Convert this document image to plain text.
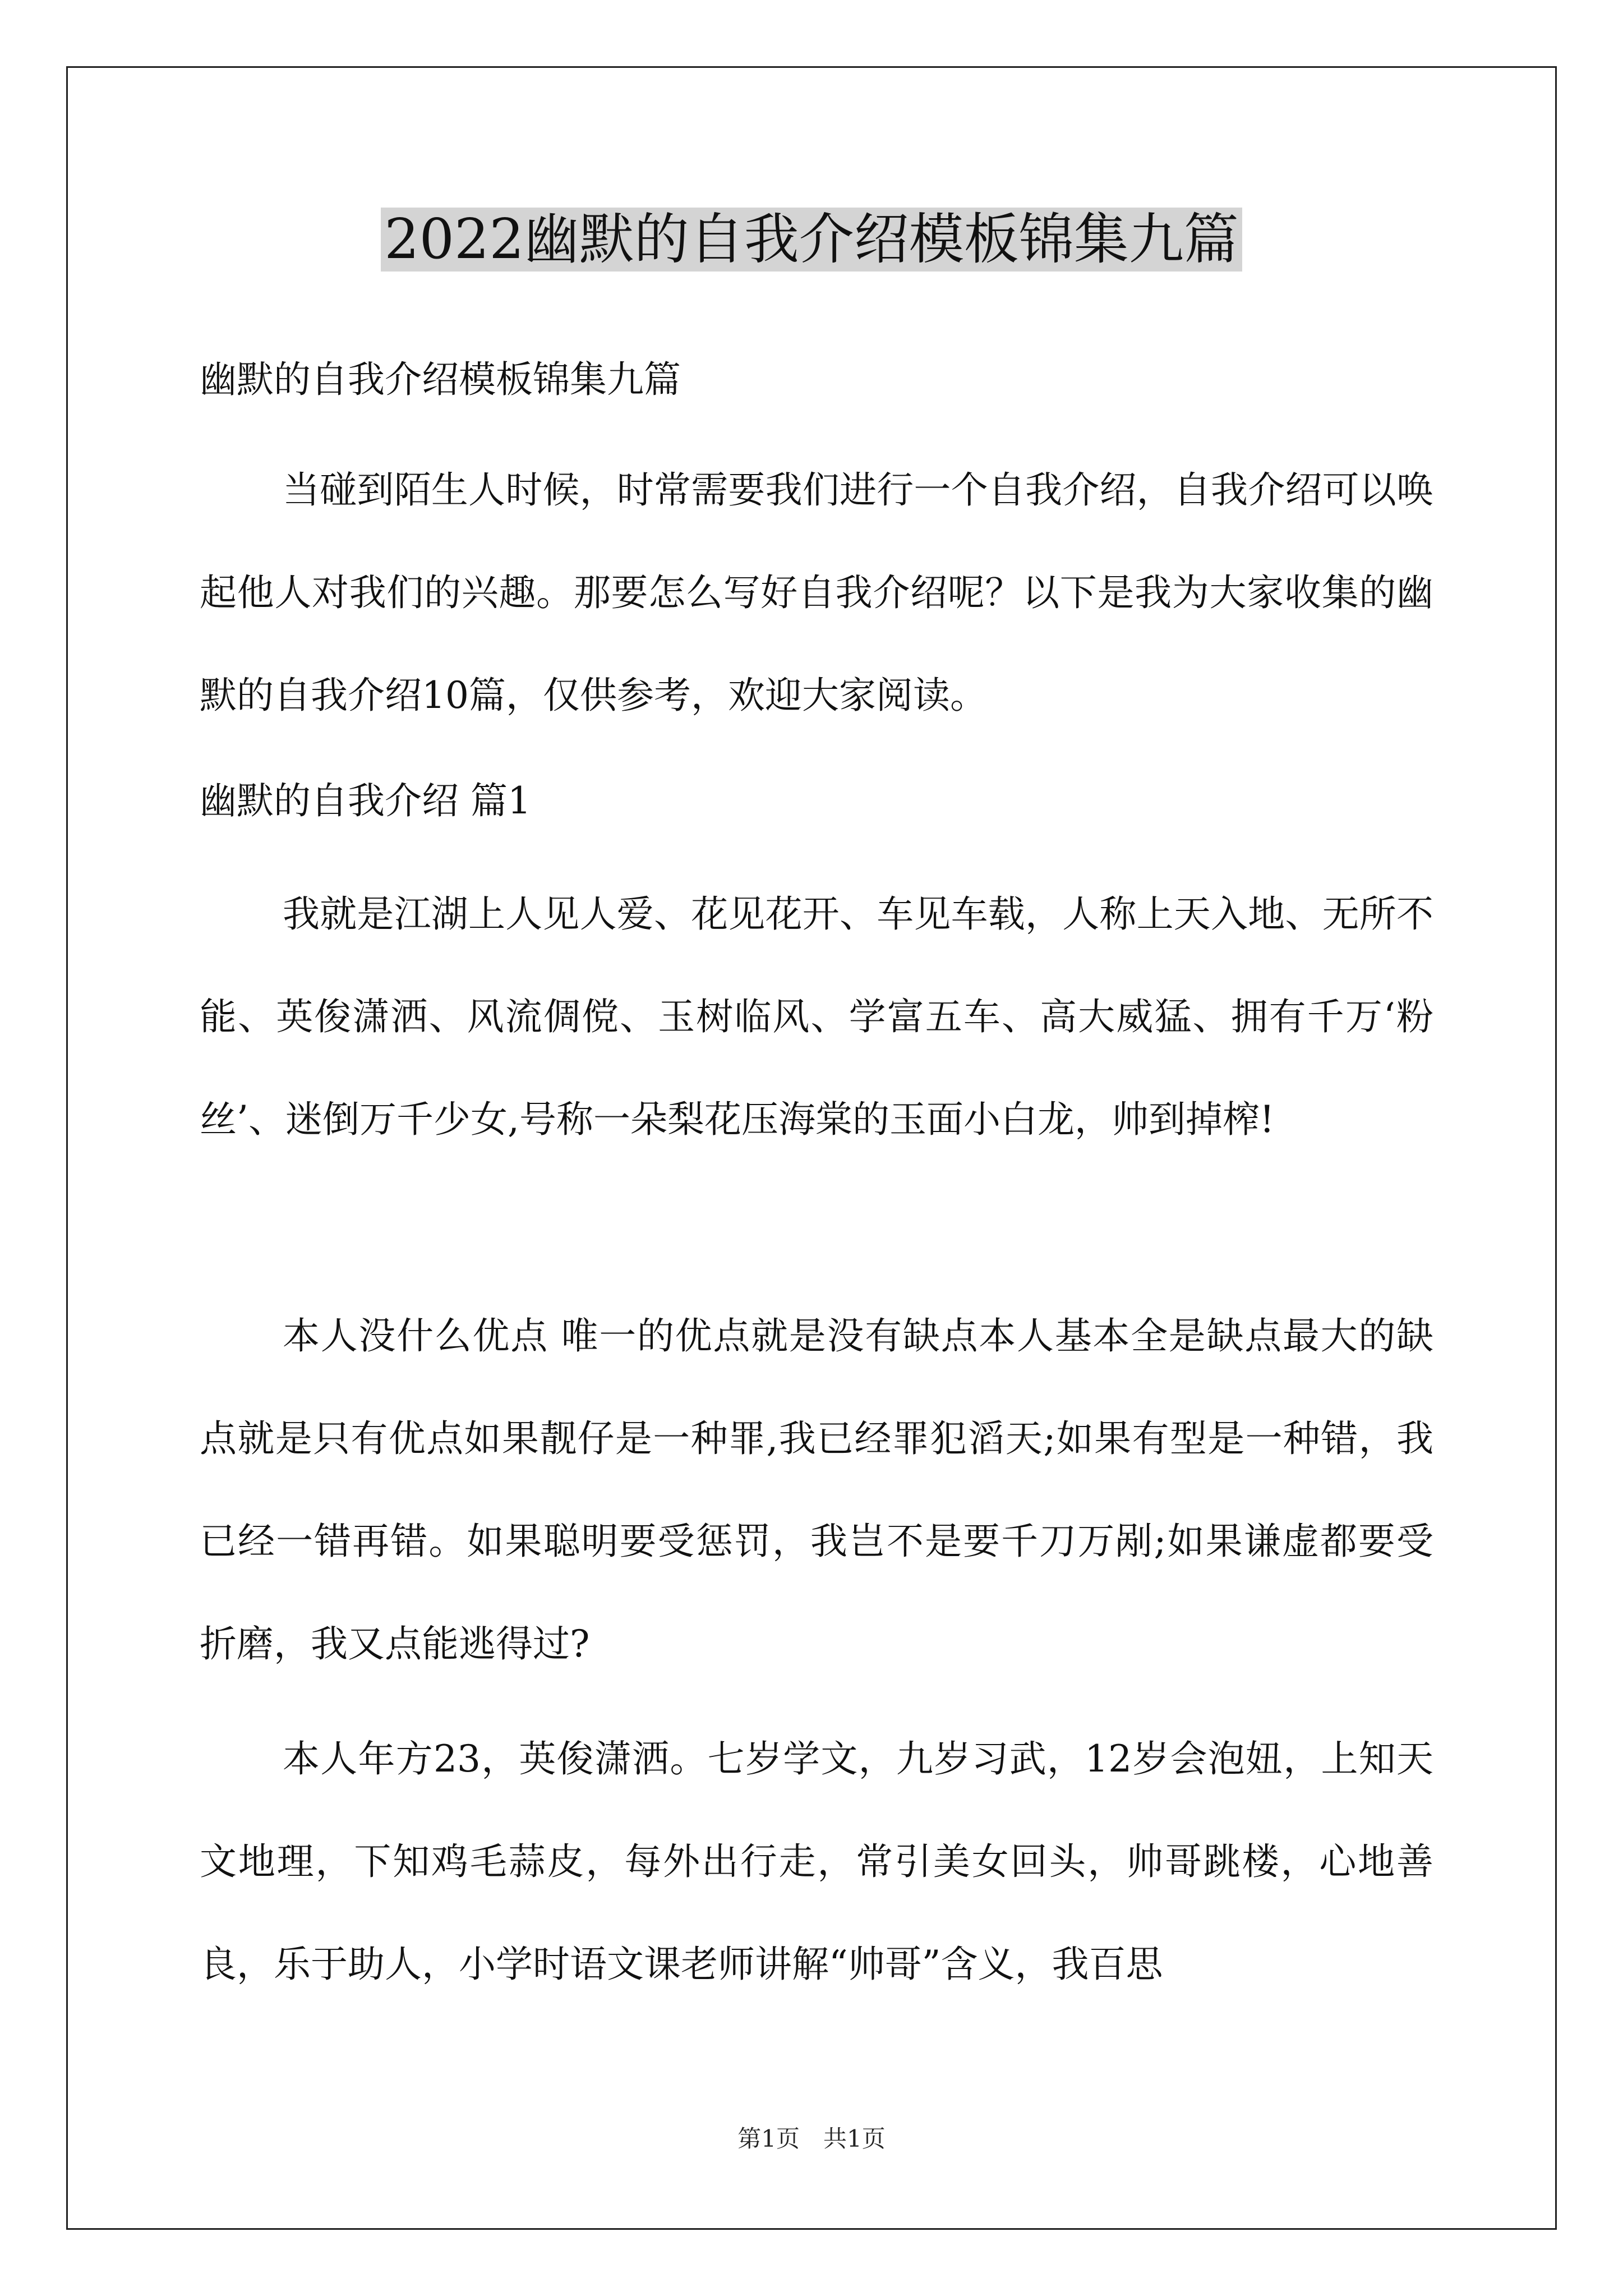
2022幽默的自我介绍模板锦集九篇
幽默的自我介绍模板锦集九篇

当碰到陌生人时候，时常需要我们进行一个自我介绍，自我介绍可以唤起他人对我们的兴趣。那要怎么写好自我介绍呢？以下是我为大家收集的幽默的自我介绍10篇，仅供参考，欢迎大家阅读。

幽默的自我介绍 篇1

我就是江湖上人见人爱、花见花开、车见车载，人称上天入地、无所不能、英俊潇洒、风流倜傥、玉树临风、学富五车、高大威猛、拥有千万‘粉丝’、迷倒万千少女,号称一朵梨花压海棠的玉面小白龙，帅到掉榨!

本人没什么优点 唯一的优点就是没有缺点本人基本全是缺点最大的缺点就是只有优点如果靓仔是一种罪,我已经罪犯滔天;如果有型是一种错，我已经一错再错。如果聪明要受惩罚，我岂不是要千刀万剐;如果谦虚都要受折磨，我又点能逃得过?

本人年方23，英俊潇洒。七岁学文，九岁习武，12岁会泡妞，上知天文地理，下知鸡毛蒜皮，每外出行走，常引美女回头，帅哥跳楼，心地善良，乐于助人，小学时语文课老师讲解“帅哥”含义，我百思

第1页　共1页
